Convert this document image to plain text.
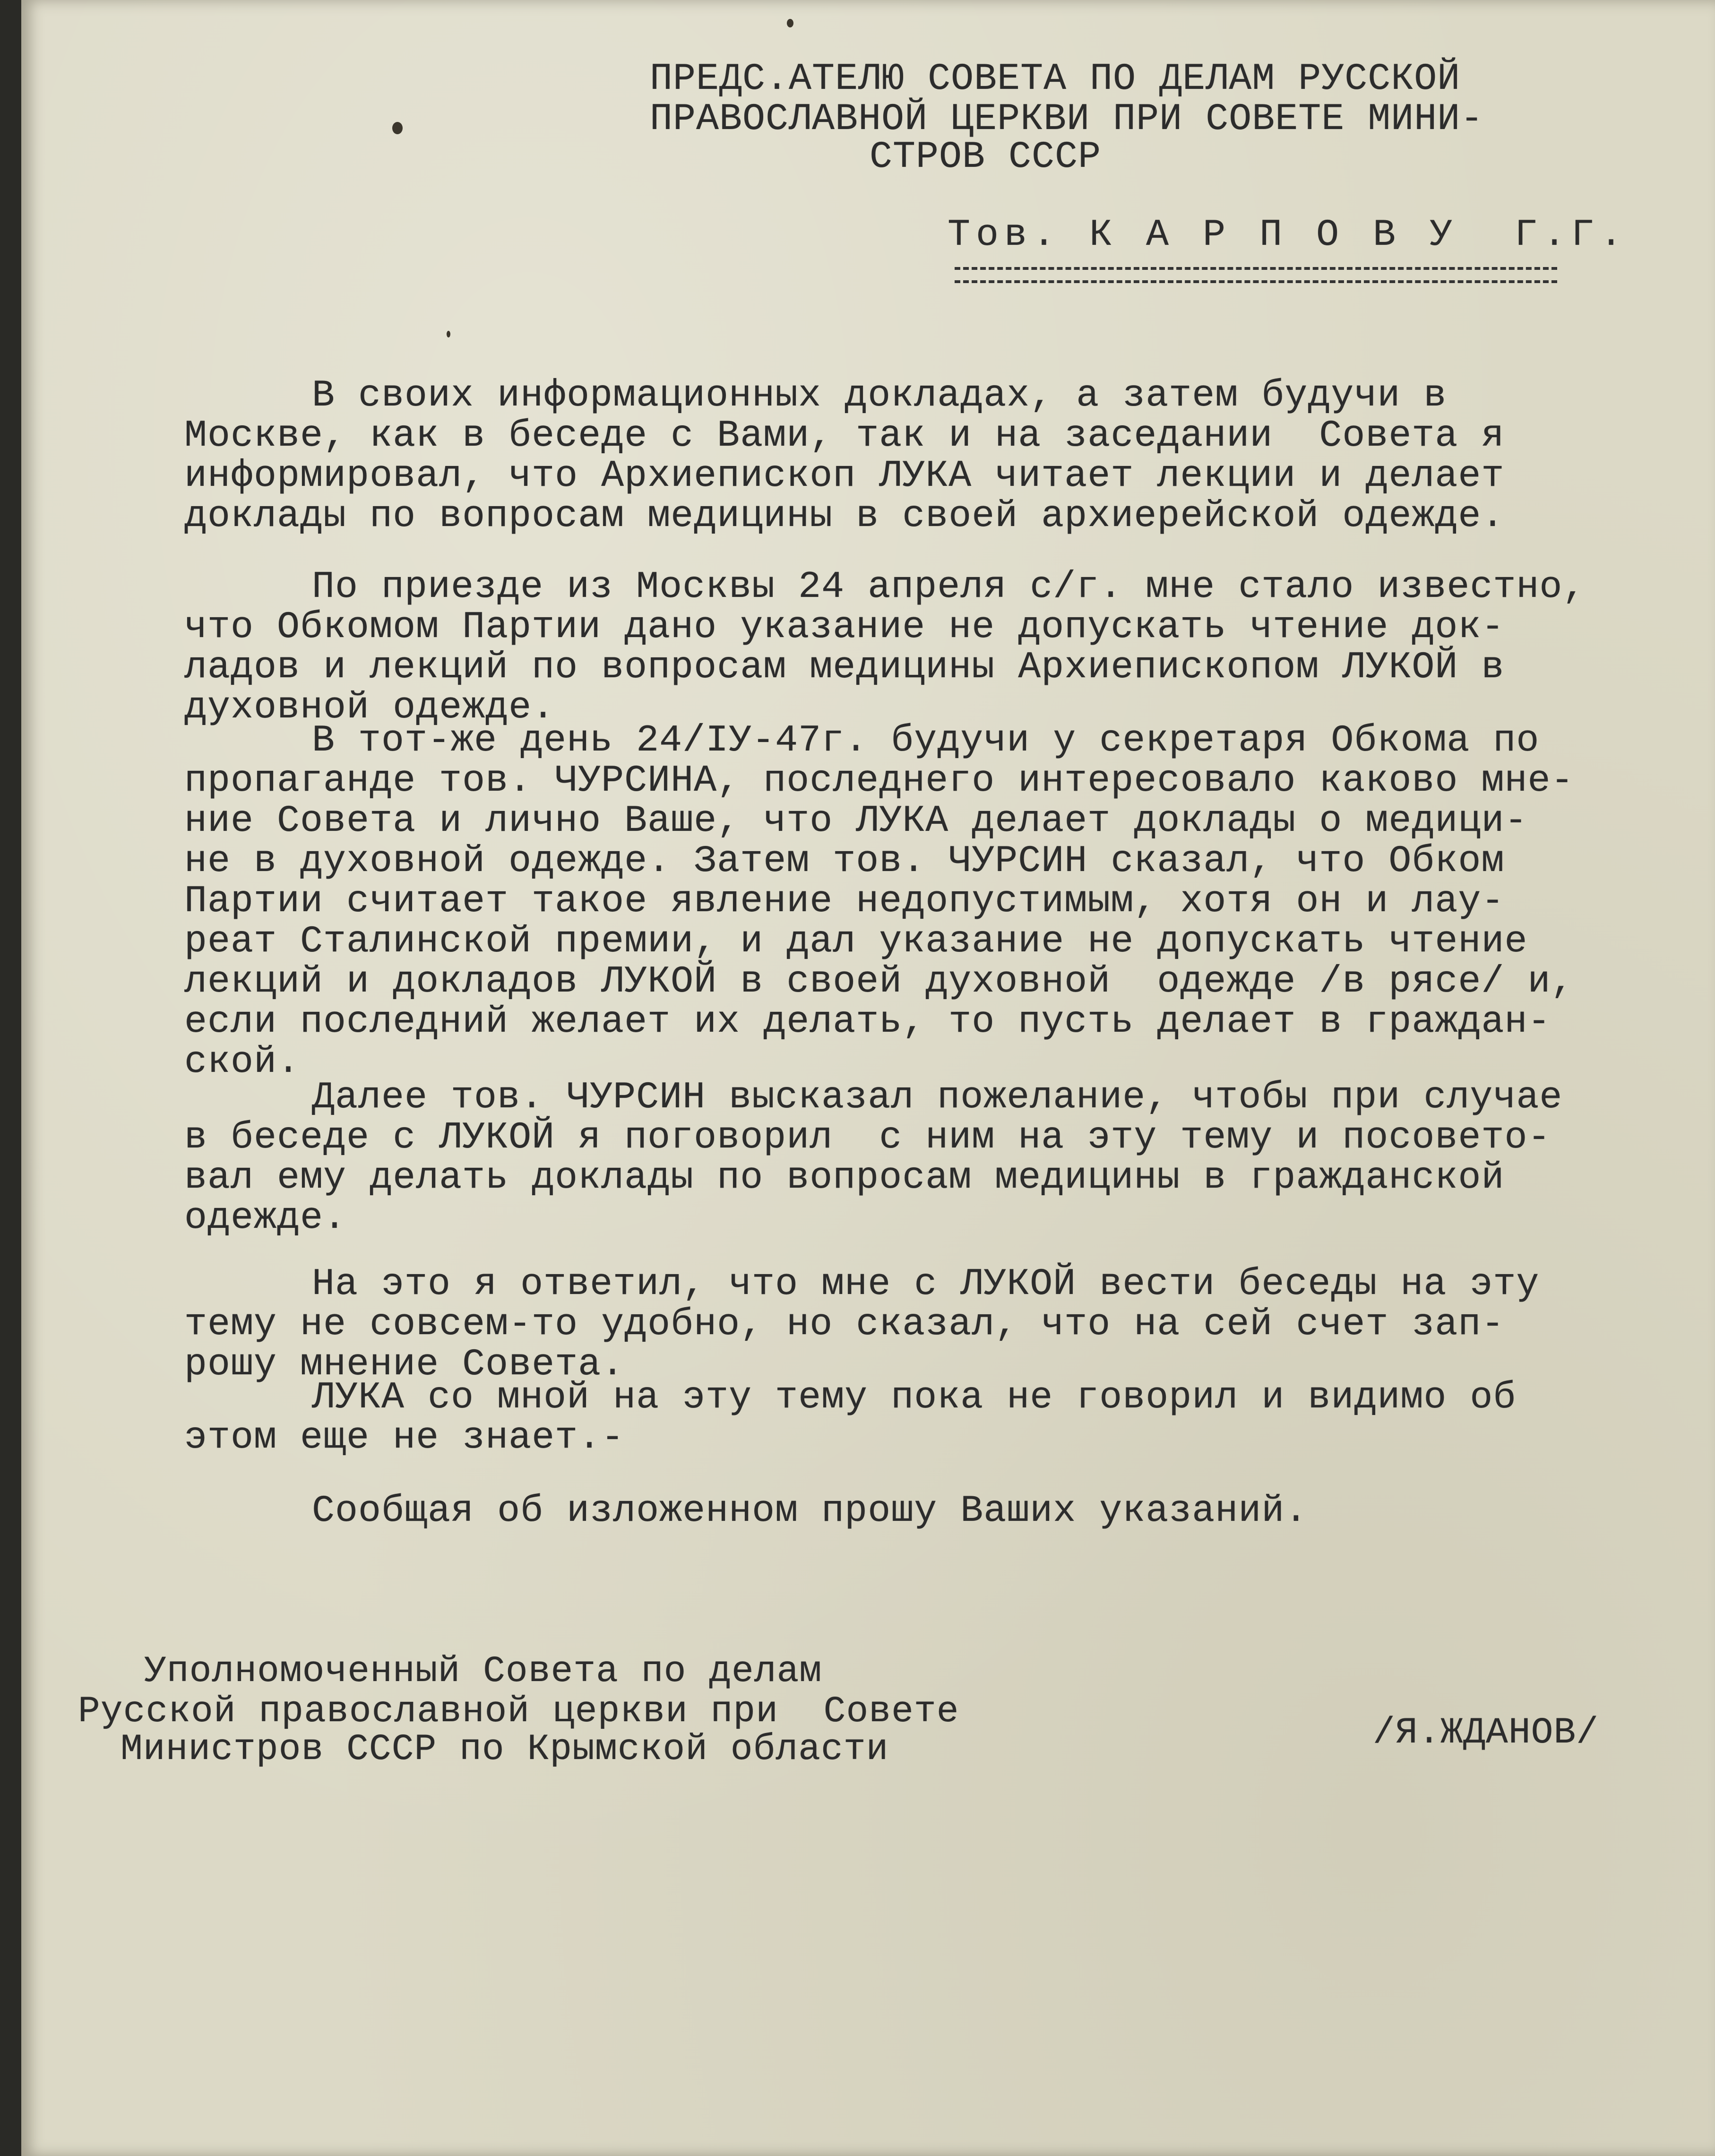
ПРЕДС.АТЕЛЮ СОВЕТА ПО ДЕЛАМ РУССКОЙ

ПРАВОСЛАВНОЙ ЦЕРКВИ ПРИ СОВЕТЕ МИНИ-

СТРОВ СССР

Тов. К А Р П О В У  Г.Г.

В своих информационных докладах, а затем будучи в

Москве, как в беседе с Вами, так и на заседании  Совета я

информировал, что Архиепископ ЛУКА читает лекции и делает

доклады по вопросам медицины в своей архиерейской одежде.

По приезде из Москвы 24 апреля с/г. мне стало известно,

что Обкомом Партии дано указание не допускать чтение док-

ладов и лекций по вопросам медицины Архиепископом ЛУКОЙ в

духовной одежде.

В тот-же день 24/IУ-47г. будучи у секретаря Обкома по

пропаганде тов. ЧУРСИНА, последнего интересовало каково мне-

ние Совета и лично Ваше, что ЛУКА делает доклады о медици-

не в духовной одежде. Затем тов. ЧУРСИН сказал, что Обком

Партии считает такое явление недопустимым, хотя он и лау-

реат Сталинской премии, и дал указание не допускать чтение

лекций и докладов ЛУКОЙ в своей духовной  одежде /в рясе/ и,

если последний желает их делать, то пусть делает в граждан-

ской.

Далее тов. ЧУРСИН высказал пожелание, чтобы при случае

в беседе с ЛУКОЙ я поговорил  с ним на эту тему и посовето-

вал ему делать доклады по вопросам медицины в гражданской

одежде.

На это я ответил, что мне с ЛУКОЙ вести беседы на эту

тему не совсем-то удобно, но сказал, что на сей счет зап-

рошу мнение Совета.

ЛУКА со мной на эту тему пока не говорил и видимо об

этом еще не знает.-

Сообщая об изложенном прошу Ваших указаний.

Уполномоченный Совета по делам

Русской православной церкви при  Совете

Министров СССР по Крымской области	/Я.ЖДАНОВ/
